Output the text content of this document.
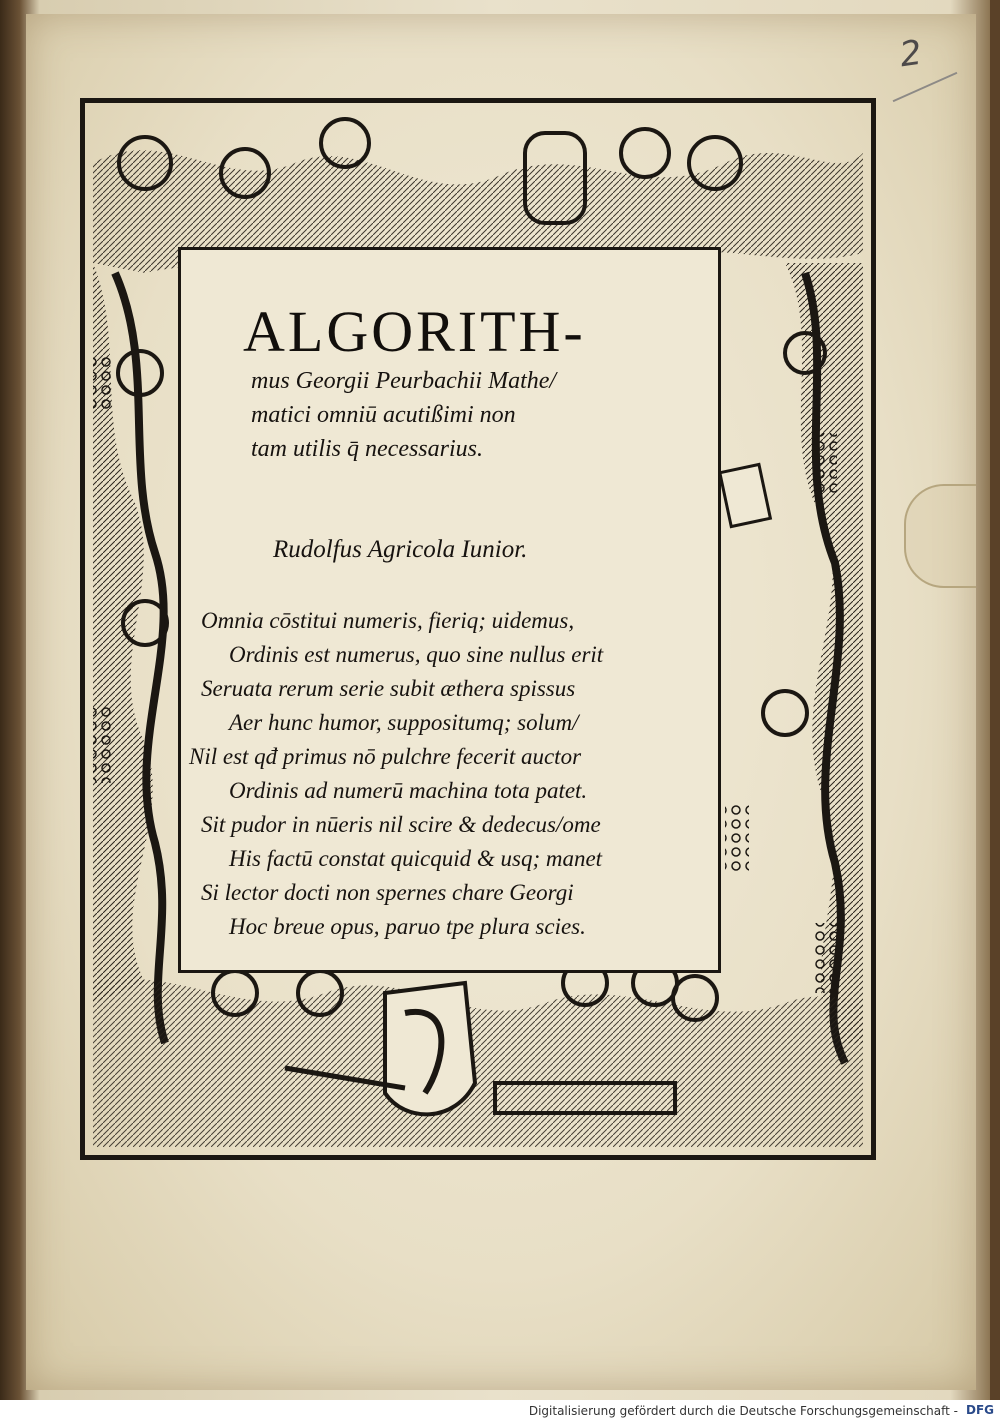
2
ALGORITH-
mus Georgii Peurbachii Mathe/
matici omniū acutißimi non
tam utilis q̄ necessarius.
Rudolfus Agricola Iunior.
Omnia cōstitui numeris, fieriq; uidemus,
Ordinis est numerus, quo sine nullus erit
Seruata rerum serie subit æthera spissus
Aer hunc humor, suppositumq; solum/
Nil est qđ primus nō pulchre fecerit auctor
Ordinis ad numerū machina tota patet.
Sit pudor in nūeris nil scire & dedecus/ome
His factū constat quicquid & usq; manet
Si lector docti non spernes chare Georgi
Hoc breue opus, paruo tpe plura scies.
Digitalisierung gefördert durch die Deutsche Forschungsgemeinschaft - DFG
